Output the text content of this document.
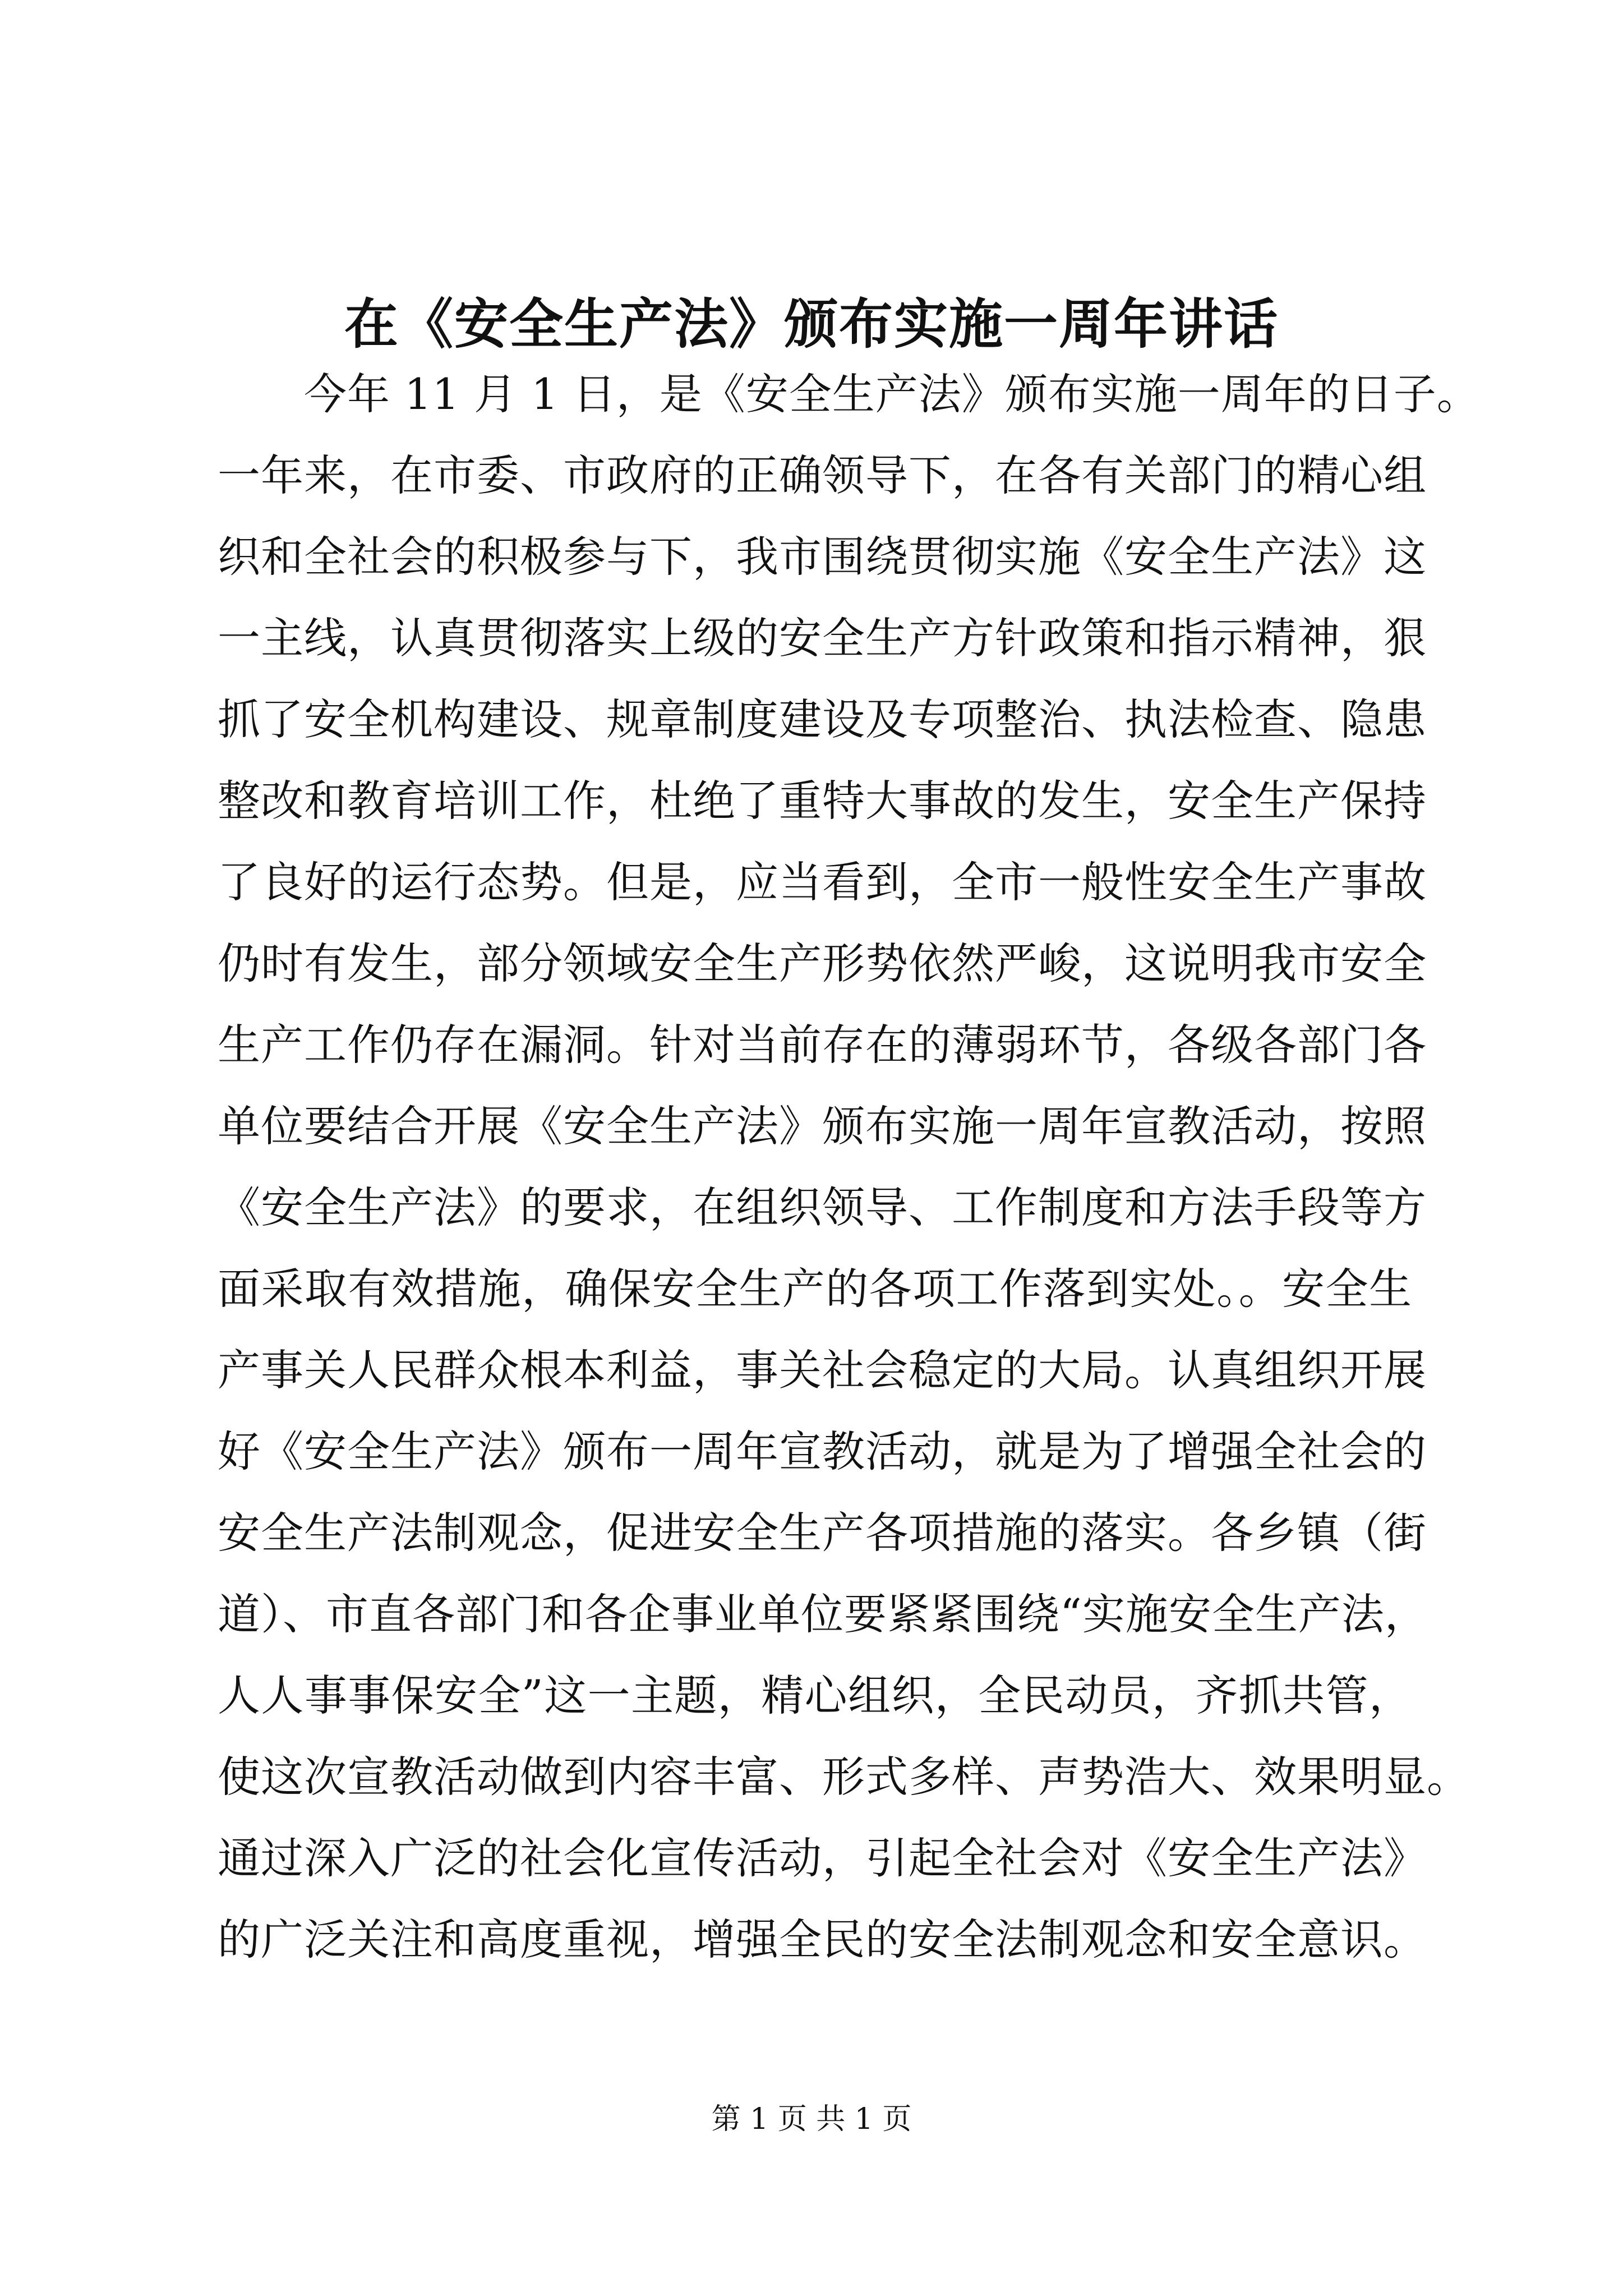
在《安全生产法》颁布实施一周年讲话
　　今年 11 月 1 日，是《安全生产法》颁布实施一周年的日子。
一年来，在市委、市政府的正确领导下，在各有关部门的精心组
织和全社会的积极参与下，我市围绕贯彻实施《安全生产法》这
一主线，认真贯彻落实上级的安全生产方针政策和指示精神，狠
抓了安全机构建设、规章制度建设及专项整治、执法检查、隐患
整改和教育培训工作，杜绝了重特大事故的发生，安全生产保持
了良好的运行态势。但是，应当看到，全市一般性安全生产事故
仍时有发生，部分领域安全生产形势依然严峻，这说明我市安全
生产工作仍存在漏洞。针对当前存在的薄弱环节，各级各部门各
单位要结合开展《安全生产法》颁布实施一周年宣教活动，按照
《安全生产法》的要求，在组织领导、工作制度和方法手段等方
面采取有效措施，确保安全生产的各项工作落到实处。。安全生
产事关人民群众根本利益，事关社会稳定的大局。认真组织开展
好《安全生产法》颁布一周年宣教活动，就是为了增强全社会的
安全生产法制观念，促进安全生产各项措施的落实。各乡镇（街
道）、市直各部门和各企事业单位要紧紧围绕“实施安全生产法，
人人事事保安全”这一主题，精心组织，全民动员，齐抓共管，
使这次宣教活动做到内容丰富、形式多样、声势浩大、效果明显。
通过深入广泛的社会化宣传活动，引起全社会对《安全生产法》
的广泛关注和高度重视，增强全民的安全法制观念和安全意识。
第 1 页 共 1 页
